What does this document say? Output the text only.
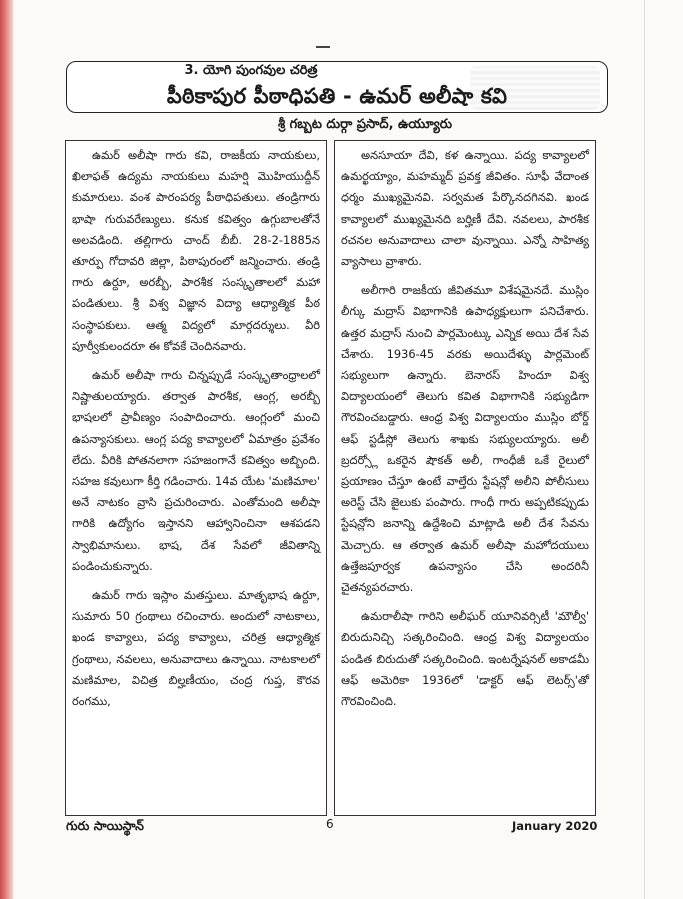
3. యోగి పుంగవుల చరిత్ర
పీఠికాపుర పీఠాధిపతి - ఉమర్ అలీషా కవి
శ్రీ గబ్బట దుర్గా ప్రసాద్, ఉయ్యూరు

ఉమర్ అలీషా గారు కవి, రాజకీయ నాయకులు, ఖిలాఫత్ ఉద్యమ నాయకులు మహర్షి మొహియుద్దీన్ కుమారులు. వంశ పారంపర్య పీఠాధిపతులు. తండ్రిగారు భాషా గురువరేణ్యులు. కనుక కవిత్వం ఉగ్గుబాలతోనే అలవడింది. తల్లిగారు చాంద్ బీబీ. 28-2-1885న తూర్పు గోదావరి జిల్లా, పిఠాపురంలో జన్మించారు. తండ్రి గారు ఉర్దూ, అరబ్బీ, పారశీక సంస్కృతాలలో మహా పండితులు. శ్రీ విశ్వ విజ్ఞాన విద్యా ఆధ్యాత్మిక పీఠ సంస్థాపకులు. ఆత్మ విద్యలో మార్గదర్శులు. వీరి పూర్వీకులందరూ ఈ కోవకే చెందినవారు.

ఉమర్ అలీషా గారు చిన్నప్పుడే సంస్కృతాంధ్రాలలో నిష్ణాతులయ్యారు. తర్వాత పారశీక, ఆంగ్ల, అరబ్బీ భాషలలో ప్రావీణ్యం సంపాదించారు. ఆంగ్లంలో మంచి ఉపన్యాసకులు. ఆంగ్ల పద్య కావ్యాలలో ఏమాత్రం ప్రవేశం లేదు. వీరికి పోతనలాగా సహజంగానే కవిత్వం అబ్బింది. సహజ కవులుగా కీర్తి గడించారు. 14వ యేట 'మణిమాల' అనే నాటకం వ్రాసి ప్రచురించారు. ఎంతోమంది అలీషా గారికి ఉద్యోగం ఇస్తానని ఆహ్వానించినా ఆశపడని స్వాభిమానులు. భాష, దేశ సేవలో జీవితాన్ని పండించుకున్నారు.

ఉమర్ గారు ఇస్లాం మతస్తులు. మాతృభాష ఉర్దూ, సుమారు 50 గ్రంథాలు రచించారు. అందులో నాటకాలు, ఖండ కావ్యాలు, పద్య కావ్యాలు, చరిత్ర ఆధ్యాత్మిక గ్రంథాలు, నవలలు, అనువాదాలు ఉన్నాయి. నాటకాలలో మణిమాల, విచిత్ర బిల్హణీయం, చంద్ర గుప్త, కౌరవ రంగము,

అనసూయా దేవి, కళ ఉన్నాయి. పద్య కావ్యాలలో ఉమర్ఖయ్యాం, మహమ్మద్ ప్రవక్త జీవితం. సూఫీ వేదాంత ధర్మం ముఖ్యమైనవి. సర్వమత పేర్కొనదగినవి. ఖండ కావ్యాలలో ముఖ్యమైనది బర్హిణీ దేవి. నవలలు, పారశీక రచనల అనువాదాలు చాలా వున్నాయి. ఎన్నో సాహిత్య వ్యాసాలు వ్రాశారు.

అలీగారి రాజకీయ జీవితమూ విశేషమైనదే. ముస్లిం లీగ్కు మద్రాస్ విభాగానికి ఉపాధ్యక్షులుగా పనిచేశారు. ఉత్తర మద్రాస్ నుంచి పార్లమెంట్కు ఎన్నిక అయి దేశ సేవ చేశారు. 1936-45 వరకు అయిదేళ్ళు పార్లమెంట్ సభ్యులుగా ఉన్నారు. బెనారస్ హిందూ విశ్వ విద్యాలయంలో తెలుగు కవిత విభాగానికి సభ్యుడిగా గౌరవించబడ్డారు. ఆంధ్ర విశ్వ విద్యాలయం ముస్లిం బోర్డ్ ఆఫ్ స్టడీస్లో తెలుగు శాఖకు సభ్యులయ్యారు. అలీ బ్రదర్స్లో ఒకరైన షౌకత్ అలీ, గాంధీజీ ఒకే రైలులో ప్రయాణం చేస్తూ ఉంటే వాల్తేరు స్టేషన్లో అలీని పోలీసులు అరెస్ట్ చేసి జైలుకు పంపారు. గాంధీ గారు అప్పటికప్పుడు స్టేషన్లోని జనాన్ని ఉద్దేశించి మాట్లాడి అలీ దేశ సేవను మెచ్చారు. ఆ తర్వాత ఉమర్ అలీషా మహోదయులు ఉత్తేజపూర్వక ఉపన్యాసం చేసి అందరినీ చైతన్యపరచారు.

ఉమరాలీషా గారిని అలీఘర్ యూనివర్సిటీ 'మౌల్వీ' బిరుదునిచ్చి సత్కరించింది. ఆంధ్ర విశ్వ విద్యాలయం పండిత బిరుదుతో సత్కరించింది. ఇంటర్నేషనల్ అకాడమీ ఆఫ్ అమెరికా 1936లో 'డాక్టర్ ఆఫ్ లెటర్స్'తో గౌరవించింది.

గురు సాయిస్థాన్	6	January 2020
